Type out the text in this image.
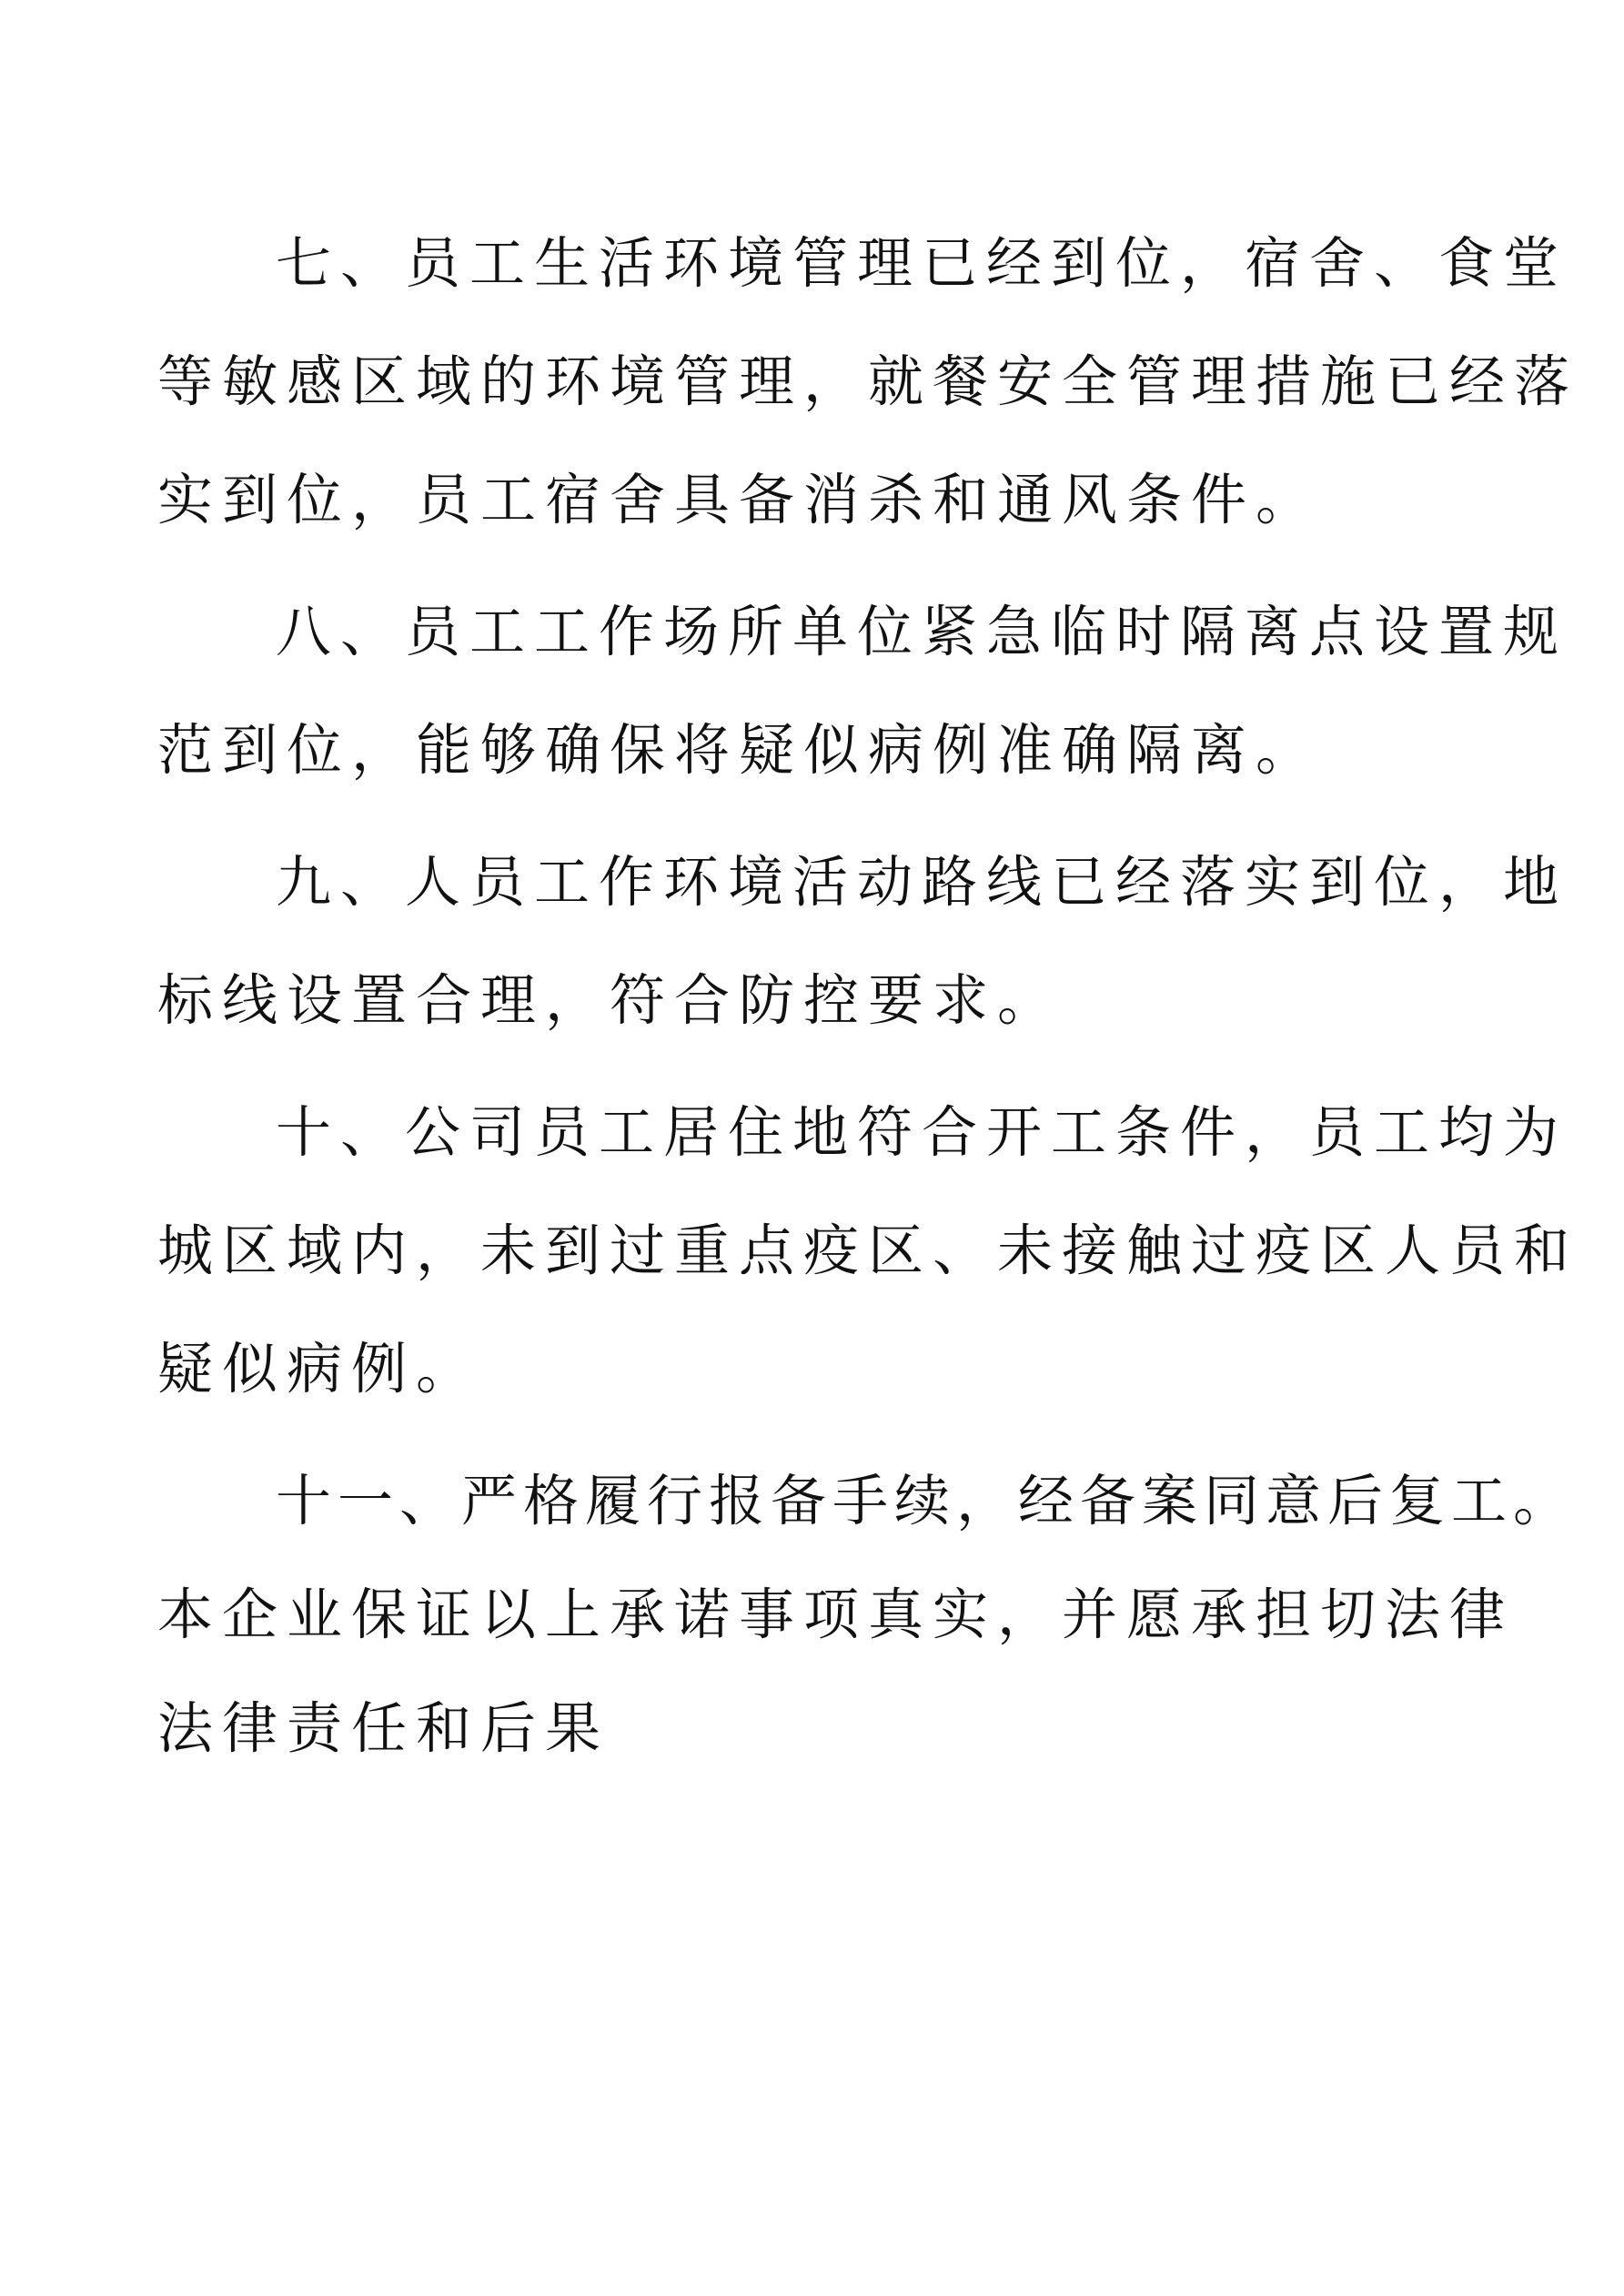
七、员工生活环境管理已经到位，宿舍、食堂
等敏感区域的环境管理，就餐安全管理措施已经落
实到位，员工宿舍具备消杀和通风条件。
八、员工工作场所单位紧急临时隔离点设置规
范到位，能够确保将疑似病例准确隔离。
九、人员工作环境活动路线已经落实到位，地
标线设置合理，符合防控要求。
十、公司员工居住地符合开工条件，员工均为
城区域内，未到过重点疫区、未接触过疫区人员和
疑似病例。
十一、严格履行报备手续，经备案同意后复工。
本企业保证以上承诺事项真实，并愿承担切法律
法律责任和后果
